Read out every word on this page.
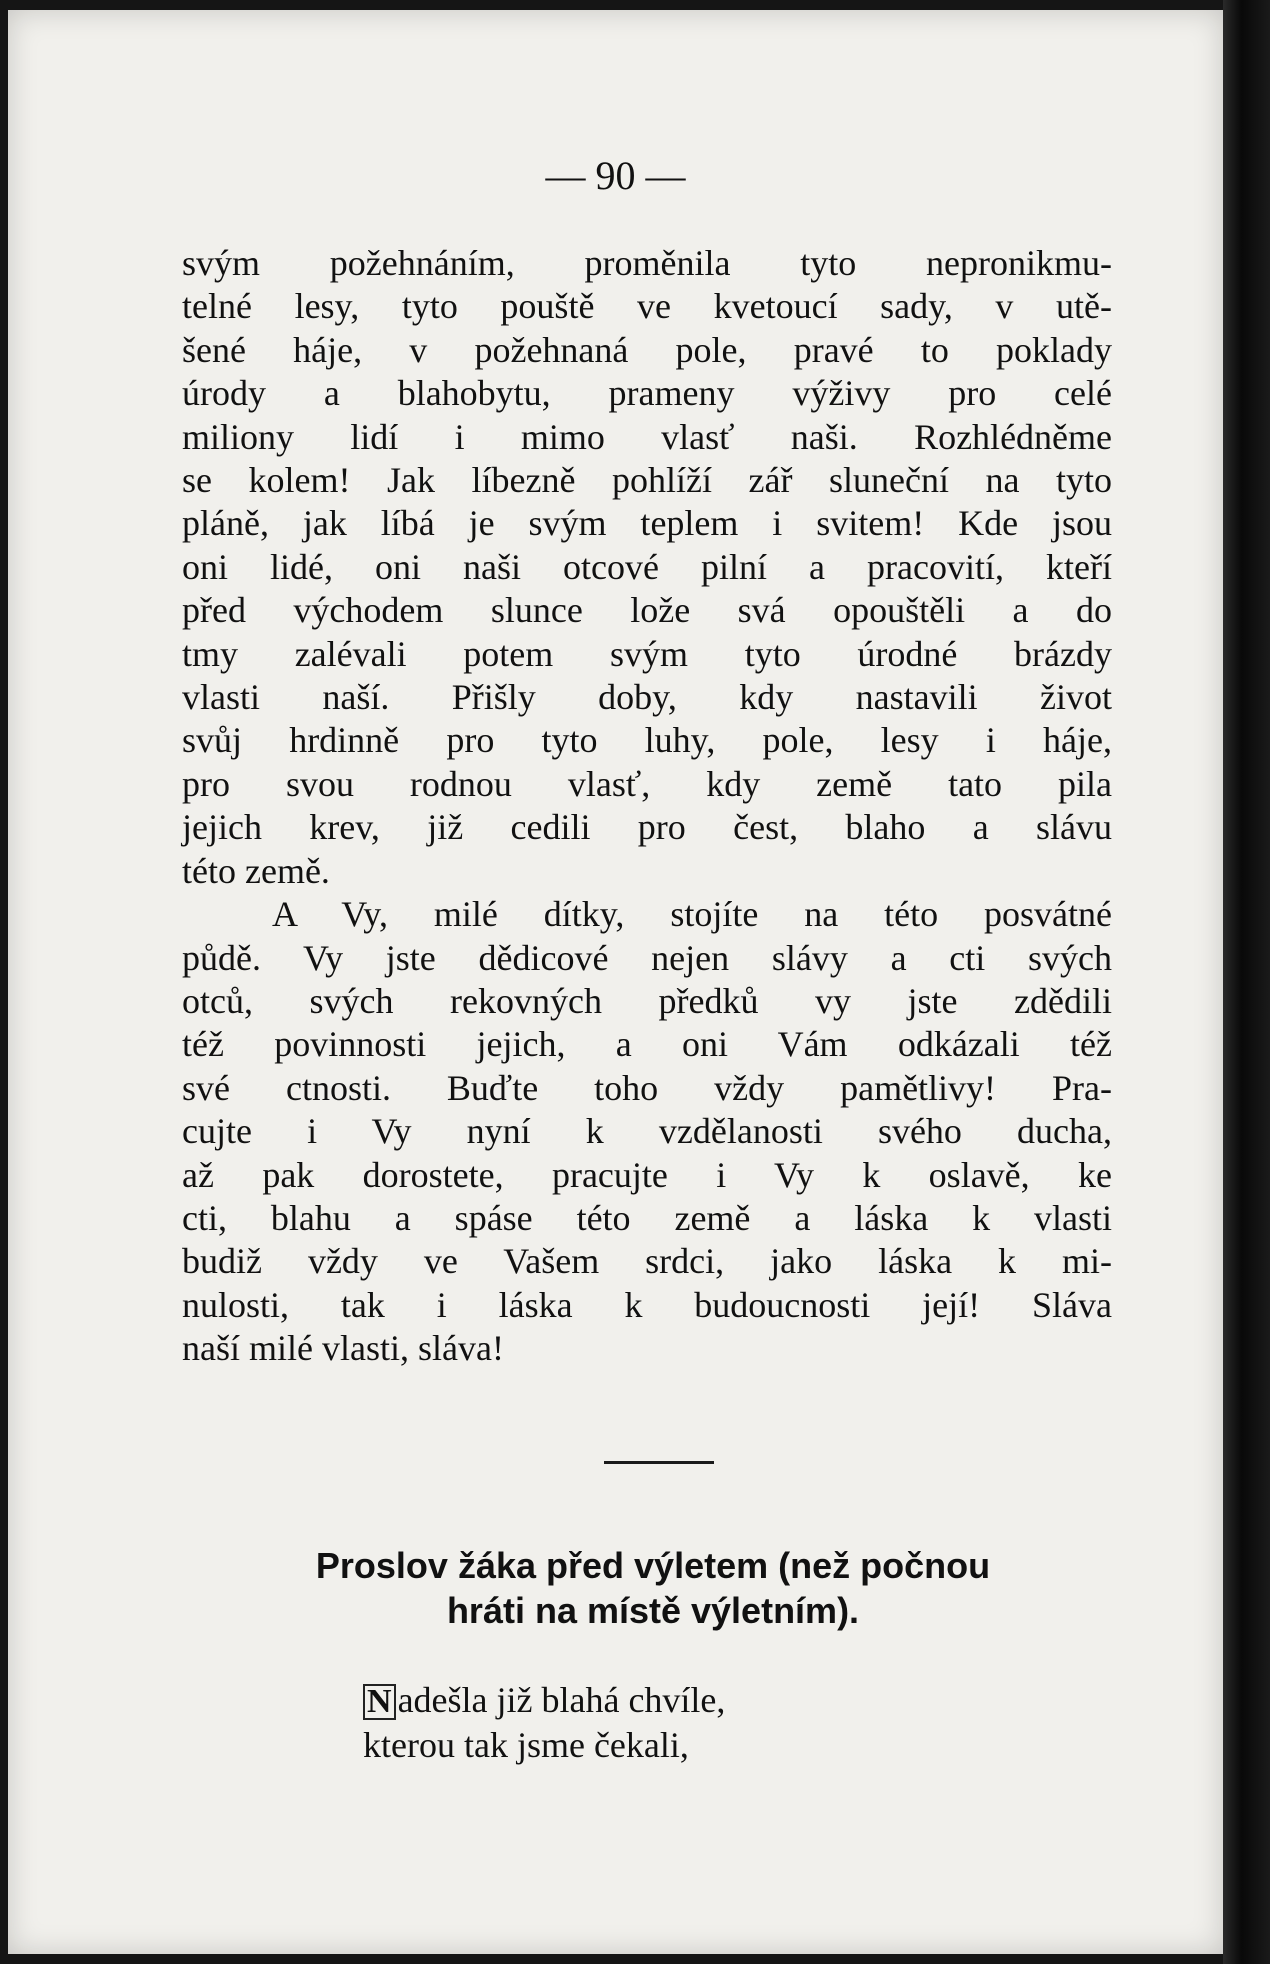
— 90 —
svým požehnáním, proměnila tyto nepronikmu-
telné lesy, tyto pouště ve kvetoucí sady, v utě-
šené háje, v požehnaná pole, pravé to poklady
úrody a blahobytu, prameny výživy pro celé
miliony lidí i mimo vlasť naši. Rozhlédněme
se kolem! Jak líbezně pohlíží zář sluneční na tyto
pláně, jak líbá je svým teplem i svitem! Kde jsou
oni lidé, oni naši otcové pilní a pracovití, kteří
před východem slunce lože svá opouštěli a do
tmy zalévali potem svým tyto úrodné brázdy
vlasti naší. Přišly doby, kdy nastavili život
svůj hrdinně pro tyto luhy, pole, lesy i háje,
pro svou rodnou vlasť, kdy země tato pila
jejich krev, již cedili pro čest, blaho a slávu
této země.
A Vy, milé dítky, stojíte na této posvátné
půdě. Vy jste dědicové nejen slávy a cti svých
otců, svých rekovných předků vy jste zdědili
též povinnosti jejich, a oni Vám odkázali též
své ctnosti. Buďte toho vždy pamětlivy! Pra-
cujte i Vy nyní k vzdělanosti svého ducha,
až pak dorostete, pracujte i Vy k oslavě, ke
cti, blahu a spáse této země a láska k vlasti
budiž vždy ve Vašem srdci, jako láska k mi-
nulosti, tak i láska k budoucnosti její! Sláva
naší milé vlasti, sláva!
Proslov žáka před výletem (než počnou
hráti na místě výletním).
N adešla již blahá chvíle,
kterou tak jsme čekali,
